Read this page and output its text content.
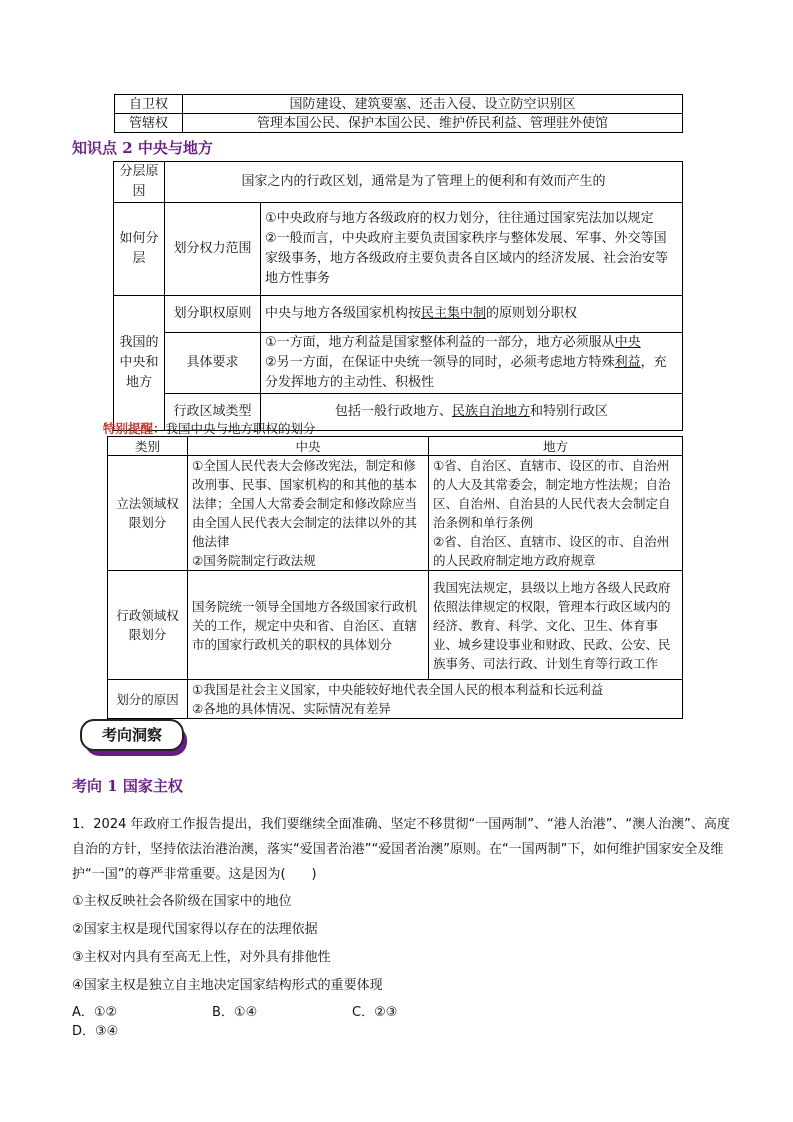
自卫权	国防建设、建筑要塞、还击入侵、设立防空识别区
管辖权	管理本国公民、保护本国公民、维护侨民利益、管理驻外使馆
知识点 2 中央与地方
分层原因	国家之内的行政区划，通常是为了管理上的便利和有效而产生的	
如何分层	划分权力范围	①中央政府与地方各级政府的权力划分，往往通过国家宪法加以规定
②一般而言，中央政府主要负责国家秩序与整体发展、军事、外交等国家级事务，地方各级政府主要负责各自区域内的经济发展、社会治安等地方性事务

我国的中央和地方	划分职权原则	中央与地方各级国家机构按民主集中制的原则划分职权
	具体要求	①一方面，地方利益是国家整体利益的一部分，地方必须服从中央
②另一方面，在保证中央统一领导的同时，必须考虑地方特殊利益，充分发挥地方的主动性、积极性

	行政区域类型	包括一般行政地方、民族自治地方和特别行政区
特别提醒：我国中央与地方职权的划分
类别	中央	地方
立法领域权限划分	①全国人民代表大会修改宪法，制定和修改刑事、民事、国家机构的和其他的基本法律；全国人大常委会制定和修改除应当由全国人民代表大会制定的法律以外的其他法律
②国务院制定行政法规	①省、自治区、直辖市、设区的市、自治州的人大及其常委会，制定地方性法规；自治区、自治州、自治县的人民代表大会制定自治条例和单行条例
②省、自治区、直辖市、设区的市、自治州的人民政府制定地方政府规章
行政领域权限划分	国务院统一领导全国地方各级国家行政机关的工作，规定中央和省、自治区、直辖市的国家行政机关的职权的具体划分	我国宪法规定，县级以上地方各级人民政府依照法律规定的权限，管理本行政区域内的经济、教育、科学、文化、卫生、体育事业、城乡建设事业和财政、民政、公安、民族事务、司法行政、计划生育等行政工作
划分的原因	①我国是社会主义国家，中央能较好地代表全国人民的根本利益和长远利益
②各地的具体情况、实际情况有差异	
考向洞察
考向 1 国家主权
1．2024 年政府工作报告提出，我们要继续全面准确、坚定不移贯彻“一国两制”、“港人治港”、“澳人治澳”、高度自治的方针，坚持依法治港治澳，落实“爱国者治港”“爱国者治澳”原则。在“一国两制”下，如何维护国家安全及维护“一国”的尊严非常重要。这是因为(　　)
①主权反映社会各阶级在国家中的地位
②国家主权是现代国家得以存在的法理依据
③主权对内具有至高无上性，对外具有排他性
④国家主权是独立自主地决定国家结构形式的重要体现
A．①②	B．①④	C．②③D．③④
